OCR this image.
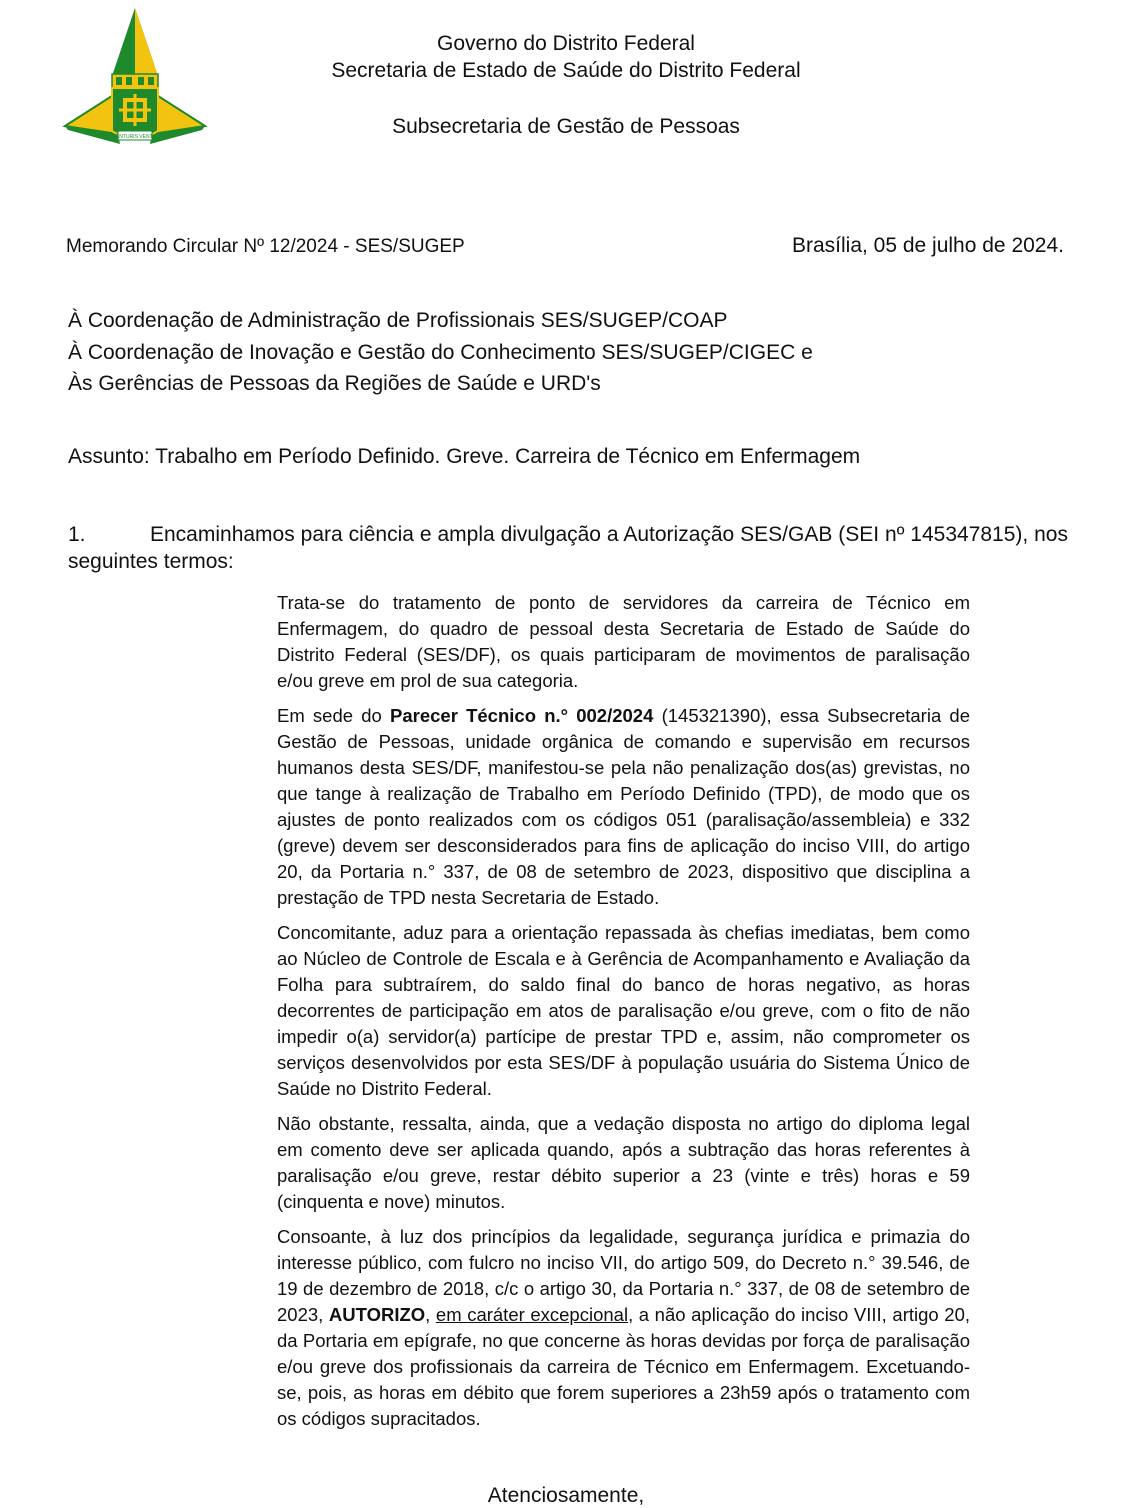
VENTURIS VENTIS
Governo do Distrito Federal
Secretaria de Estado de Saúde do Distrito Federal
Subsecretaria de Gestão de Pessoas
Memorando Circular Nº 12/2024 - SES/SUGEP	Brasília, 05 de julho de 2024.
À Coordenação de Administração de Profissionais SES/SUGEP/COAP
À Coordenação de Inovação e Gestão do Conhecimento SES/SUGEP/CIGEC e
Às Gerências de Pessoas da Regiões de Saúde e URD's
Assunto: Trabalho em Período Definido. Greve. Carreira de Técnico em Enfermagem
1.	Encaminhamos para ciência e ampla divulgação a Autorização SES/GAB (SEI nº 145347815), nos seguintes termos:

Trata-se do tratamento de ponto de servidores da carreira de Técnico em Enfermagem, do quadro de pessoal desta Secretaria de Estado de Saúde do Distrito Federal (SES/DF), os quais participaram de movimentos de paralisação e/ou greve em prol de sua categoria.

Em sede do Parecer Técnico n.° 002/2024 (145321390), essa Subsecretaria de Gestão de Pessoas, unidade orgânica de comando e supervisão em recursos humanos desta SES/DF, manifestou-se pela não penalização dos(as) grevistas, no que tange à realização de Trabalho em Período Definido (TPD), de modo que os ajustes de ponto realizados com os códigos 051 (paralisação/assembleia) e 332 (greve) devem ser desconsiderados para fins de aplicação do inciso VIII, do artigo 20, da Portaria n.° 337, de 08 de setembro de 2023, dispositivo que disciplina a prestação de TPD nesta Secretaria de Estado.

Concomitante, aduz para a orientação repassada às chefias imediatas, bem como ao Núcleo de Controle de Escala e à Gerência de Acompanhamento e Avaliação da Folha para subtraírem, do saldo final do banco de horas negativo, as horas decorrentes de participação em atos de paralisação e/ou greve, com o fito de não impedir o(a) servidor(a) partícipe de prestar TPD e, assim, não comprometer os serviços desenvolvidos por esta SES/DF à população usuária do Sistema Único de Saúde no Distrito Federal.

Não obstante, ressalta, ainda, que a vedação disposta no artigo do diploma legal em comento deve ser aplicada quando, após a subtração das horas referentes à paralisação e/ou greve, restar débito superior a 23 (vinte e três) horas e 59 (cinquenta e nove) minutos.

Consoante, à luz dos princípios da legalidade, segurança jurídica e primazia do interesse público, com fulcro no inciso VII, do artigo 509, do Decreto n.° 39.546, de 19 de dezembro de 2018, c/c o artigo 30, da Portaria n.° 337, de 08 de setembro de 2023, AUTORIZO, em caráter excepcional, a não aplicação do inciso VIII, artigo 20, da Portaria em epígrafe, no que concerne às horas devidas por força de paralisação e/ou greve dos profissionais da carreira de Técnico em Enfermagem. Excetuando-se, pois, as horas em débito que forem superiores a 23h59 após o tratamento com os códigos supracitados.

Atenciosamente,
